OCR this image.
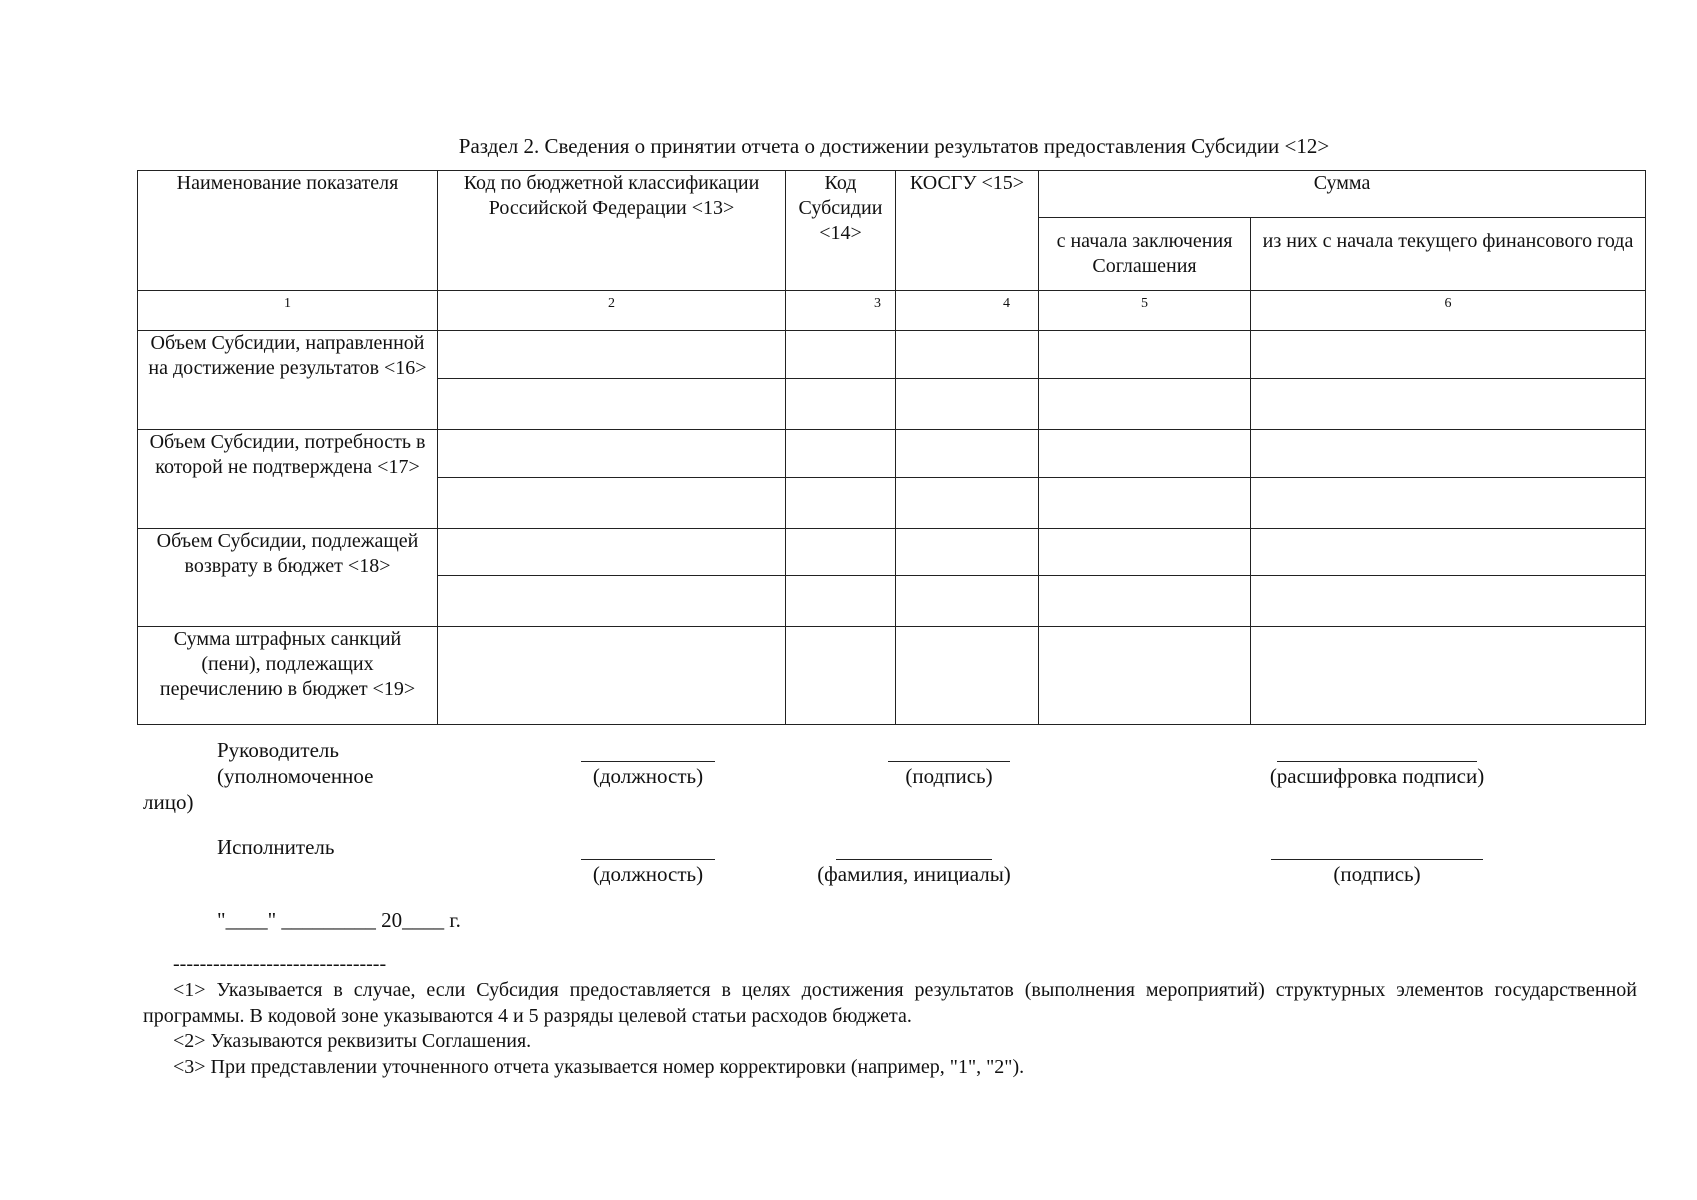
Раздел 2. Сведения о принятии отчета о достижении результатов предоставления Субсидии <12>
Наименование показателя	Код по бюджетной классификации Российской Федерации <13>	Код Субсидии <14>	КОСГУ <15>	Сумма	
				с начала заключения Соглашения	из них с начала текущего финансового года
1	2	3	4	5	6
Объем Субсидии, направленной на достижение результатов <16>					

Объем Субсидии, потребность в которой не подтверждена <17>					

Объем Субсидии, подлежащей возврату в бюджет <18>					

Сумма штрафных санкций (пени), подлежащих перечислению в бюджет <19>					
Руководитель
(уполномоченное
лицо)
(должность)	(подпись)	(расшифровка подписи)
Исполнитель
(должность)	(фамилия, инициалы)	(подпись)
"____" _________ 20____ г.
--------------------------------

<1> Указывается в случае, если Субсидия предоставляется в целях достижения результатов (выполнения мероприятий) структурных элементов государственной программы. В кодовой зоне указываются 4 и 5 разряды целевой статьи расходов бюджета.

<2> Указываются реквизиты Соглашения.

<3> При представлении уточненного отчета указывается номер корректировки (например, "1", "2").
